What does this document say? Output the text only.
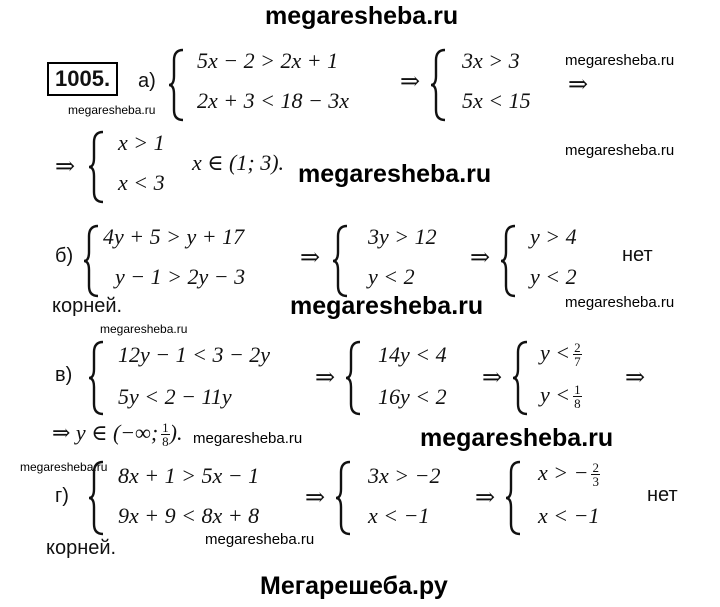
megaresheba.ru
megaresheba.ru
megaresheba.ru
megaresheba.ru
megaresheba.ru
megaresheba.ru
megaresheba.ru
megaresheba.ru
megaresheba.ru
megaresheba.ru	megaresheba.ru
megaresheba.ru
Мегарешеба.ру
1005.	а)
5x − 2 > 2x + 1
2x + 3 < 18 − 3x
⇒
3x > 3
5x < 15
⇒
⇒
x > 1
x < 3
x ∈ (1; 3).
б)
4y + 5 > y + 17
y − 1 > 2y − 3
⇒
3y > 12
y < 2
⇒
y > 4
y < 2
нет
корней.
в)
12y − 1 < 3 − 2y
5y < 2 − 11y
⇒
14y < 4
16y < 2
⇒
$y < \frac{2}{7}$
$y < \frac{1}{8}$
⇒
⇒ y ∈ (−∞; $\frac{1}{8}$ ).
г)
8x + 1 > 5x − 1
9x + 9 < 8x + 8
⇒
3x > −2
x < −1
⇒
x > − $\frac{2}{3}$
x < −1
нет
корней.
